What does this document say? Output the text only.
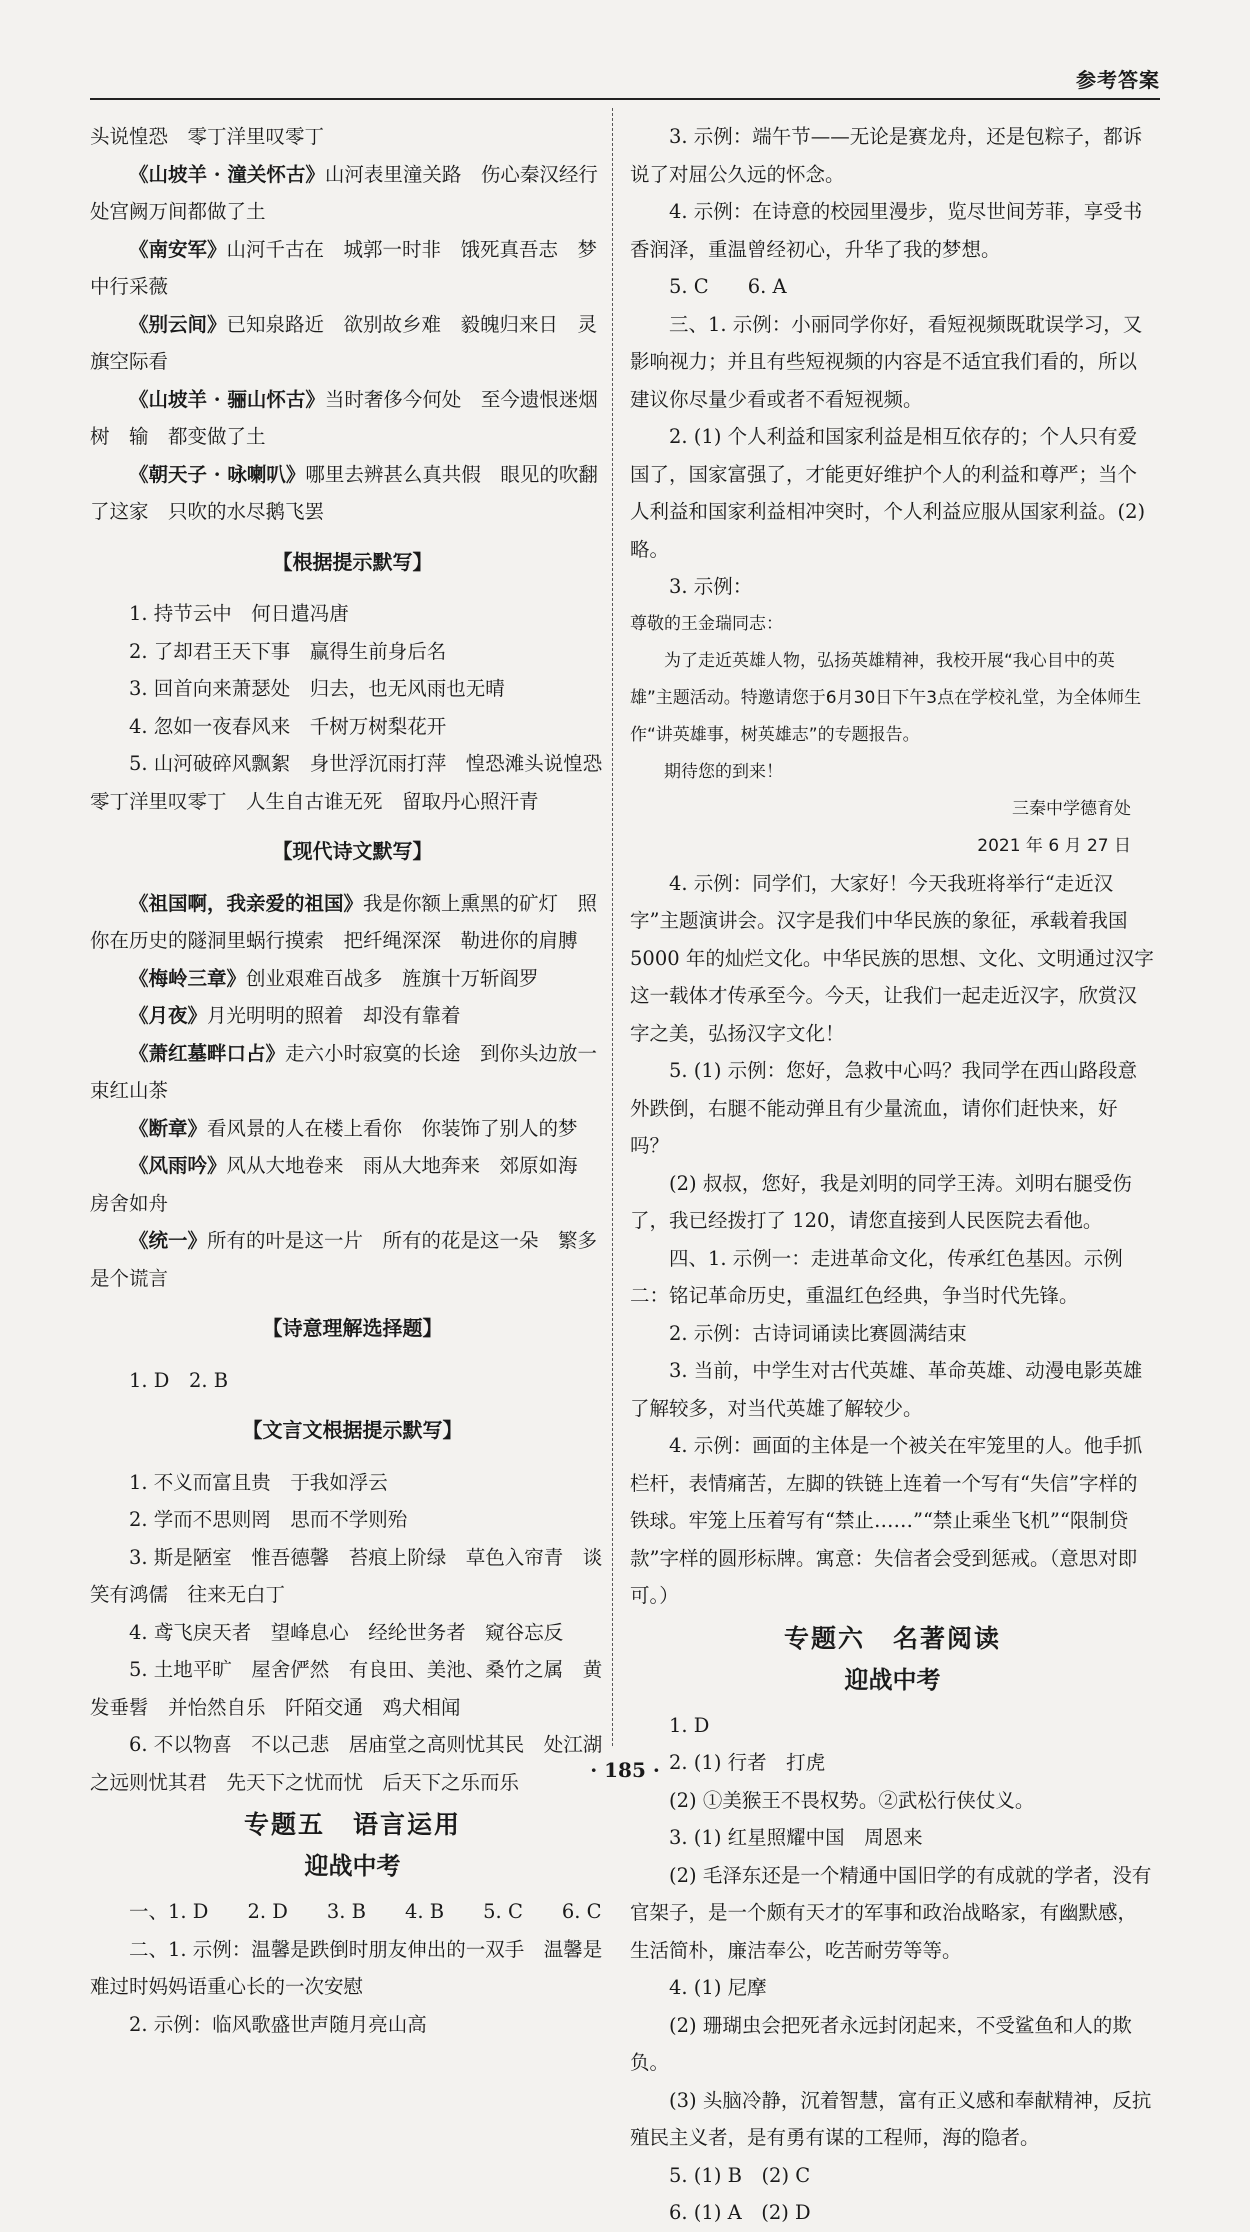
参考答案

头说惶恐　零丁洋里叹零丁

《山坡羊 · 潼关怀古》山河表里潼关路　伤心秦汉经行处宫阙万间都做了土

《南安军》山河千古在　城郭一时非　饿死真吾志　梦中行采薇

《别云间》已知泉路近　欲别故乡难　毅魄归来日　灵旗空际看

《山坡羊 · 骊山怀古》当时奢侈今何处　至今遗恨迷烟树　输　都变做了土

《朝天子 · 咏喇叭》哪里去辨甚么真共假　眼见的吹翻了这家　只吹的水尽鹅飞罢

【根据提示默写】

1. 持节云中　何日遣冯唐

2. 了却君王天下事　赢得生前身后名

3. 回首向来萧瑟处　归去，也无风雨也无晴

4. 忽如一夜春风来　千树万树梨花开

5. 山河破碎风飘絮　身世浮沉雨打萍　惶恐滩头说惶恐零丁洋里叹零丁　人生自古谁无死　留取丹心照汗青

【现代诗文默写】

《祖国啊，我亲爱的祖国》我是你额上熏黑的矿灯　照你在历史的隧洞里蜗行摸索　把纤绳深深　勒进你的肩膊

《梅岭三章》创业艰难百战多　旌旗十万斩阎罗

《月夜》月光明明的照着　却没有靠着

《萧红墓畔口占》走六小时寂寞的长途　到你头边放一束红山茶

《断章》看风景的人在楼上看你　你装饰了别人的梦

《风雨吟》风从大地卷来　雨从大地奔来　郊原如海　房舍如舟

《统一》所有的叶是这一片　所有的花是这一朵　繁多是个谎言

【诗意理解选择题】

1. D　2. B

【文言文根据提示默写】

1. 不义而富且贵　于我如浮云

2. 学而不思则罔　思而不学则殆

3. 斯是陋室　惟吾德馨　苔痕上阶绿　草色入帘青　谈笑有鸿儒　往来无白丁

4. 鸢飞戾天者　望峰息心　经纶世务者　窥谷忘反

5. 土地平旷　屋舍俨然　有良田、美池、桑竹之属　黄发垂髫　并怡然自乐　阡陌交通　鸡犬相闻

6. 不以物喜　不以己悲　居庙堂之高则忧其民　处江湖之远则忧其君　先天下之忧而忧　后天下之乐而乐

专题五 语言运用
迎战中考

一、1. D　　2. D　　3. B　　4. B　　5. C　　6. C

二、1. 示例：温馨是跌倒时朋友伸出的一双手　温馨是难过时妈妈语重心长的一次安慰

2. 示例：临风歌盛世声随月亮山高

3. 示例：端午节——无论是赛龙舟，还是包粽子，都诉说了对屈公久远的怀念。

4. 示例：在诗意的校园里漫步，览尽世间芳菲，享受书香润泽，重温曾经初心，升华了我的梦想。

5. C　　6. A

三、1. 示例：小丽同学你好，看短视频既耽误学习，又影响视力；并且有些短视频的内容是不适宜我们看的，所以建议你尽量少看或者不看短视频。

2. (1) 个人利益和国家利益是相互依存的；个人只有爱国了，国家富强了，才能更好维护个人的利益和尊严；当个人利益和国家利益相冲突时，个人利益应服从国家利益。(2) 略。

3. 示例：

尊敬的王金瑞同志：

为了走近英雄人物，弘扬英雄精神，我校开展“我心目中的英雄”主题活动。特邀请您于6月30日下午3点在学校礼堂，为全体师生作“讲英雄事，树英雄志”的专题报告。

期待您的到来！

三秦中学德育处

2021 年 6 月 27 日

4. 示例：同学们，大家好！今天我班将举行“走近汉字”主题演讲会。汉字是我们中华民族的象征，承载着我国 5000 年的灿烂文化。中华民族的思想、文化、文明通过汉字这一载体才传承至今。今天，让我们一起走近汉字，欣赏汉字之美，弘扬汉字文化！

5. (1) 示例：您好，急救中心吗？我同学在西山路段意外跌倒，右腿不能动弹且有少量流血，请你们赶快来，好吗？

(2) 叔叔，您好，我是刘明的同学王涛。刘明右腿受伤了，我已经拨打了 120，请您直接到人民医院去看他。

四、1. 示例一：走进革命文化，传承红色基因。示例二：铭记革命历史，重温红色经典，争当时代先锋。

2. 示例：古诗词诵读比赛圆满结束

3. 当前，中学生对古代英雄、革命英雄、动漫电影英雄了解较多，对当代英雄了解较少。

4. 示例：画面的主体是一个被关在牢笼里的人。他手抓栏杆，表情痛苦，左脚的铁链上连着一个写有“失信”字样的铁球。牢笼上压着写有“禁止……”“禁止乘坐飞机”“限制贷款”字样的圆形标牌。寓意：失信者会受到惩戒。（意思对即可。）

专题六 名著阅读
迎战中考

1. D

2. (1) 行者　打虎

(2) ①美猴王不畏权势。②武松行侠仗义。

3. (1) 红星照耀中国　周恩来

(2) 毛泽东还是一个精通中国旧学的有成就的学者，没有官架子，是一个颇有天才的军事和政治战略家，有幽默感，生活简朴，廉洁奉公，吃苦耐劳等等。

4. (1) 尼摩

(2) 珊瑚虫会把死者永远封闭起来，不受鲨鱼和人的欺负。

(3) 头脑冷静，沉着智慧，富有正义感和奉献精神，反抗殖民主义者，是有勇有谋的工程师，海的隐者。

5. (1) B　(2) C

6. (1) A　(2) D

· 185 ·
